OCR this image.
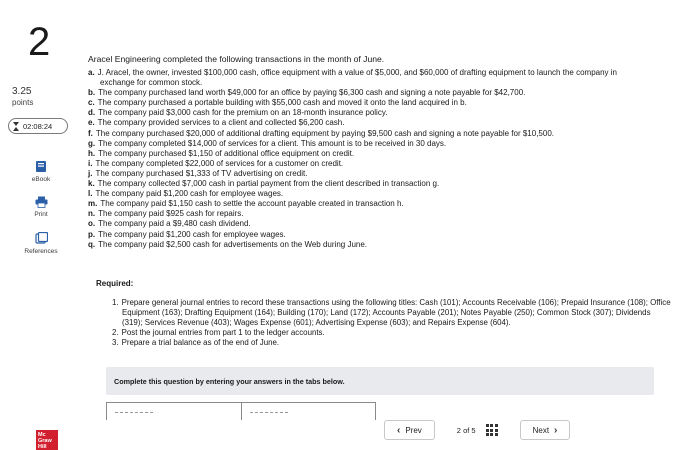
2
3.25
points
02:08:24
eBook
Print
References
Mc
Graw
Hill
Aracel Engineering completed the following transactions in the month of June.
a. J. Aracel, the owner, invested $100,000 cash, office equipment with a value of $5,000, and $60,000 of drafting equipment to launch the company in exchange for common stock.
b. The company purchased land worth $49,000 for an office by paying $6,300 cash and signing a note payable for $42,700.
c. The company purchased a portable building with $55,000 cash and moved it onto the land acquired in b.
d. The company paid $3,000 cash for the premium on an 18-month insurance policy.
e. The company provided services to a client and collected $6,200 cash.
f. The company purchased $20,000 of additional drafting equipment by paying $9,500 cash and signing a note payable for $10,500.
g. The company completed $14,000 of services for a client. This amount is to be received in 30 days.
h. The company purchased $1,150 of additional office equipment on credit.
i. The company completed $22,000 of services for a customer on credit.
j. The company purchased $1,333 of TV advertising on credit.
k. The company collected $7,000 cash in partial payment from the client described in transaction g.
l. The company paid $1,200 cash for employee wages.
m. The company paid $1,150 cash to settle the account payable created in transaction h.
n. The company paid $925 cash for repairs.
o. The company paid a $9,480 cash dividend.
p. The company paid $1,200 cash for employee wages.
q. The company paid $2,500 cash for advertisements on the Web during June.
Required:
1. Prepare general journal entries to record these transactions using the following titles: Cash (101); Accounts Receivable (106); Prepaid Insurance (108); Office Equipment (163); Drafting Equipment (164); Building (170); Land (172); Accounts Payable (201); Notes Payable (250); Common Stock (307); Dividends (319); Services Revenue (403); Wages Expense (601); Advertising Expense (603); and Repairs Expense (604).
2. Post the journal entries from part 1 to the ledger accounts.
3. Prepare a trial balance as of the end of June.
Complete this question by entering your answers in the tabs below.
‹ Prev	2 of 5	Next ›
